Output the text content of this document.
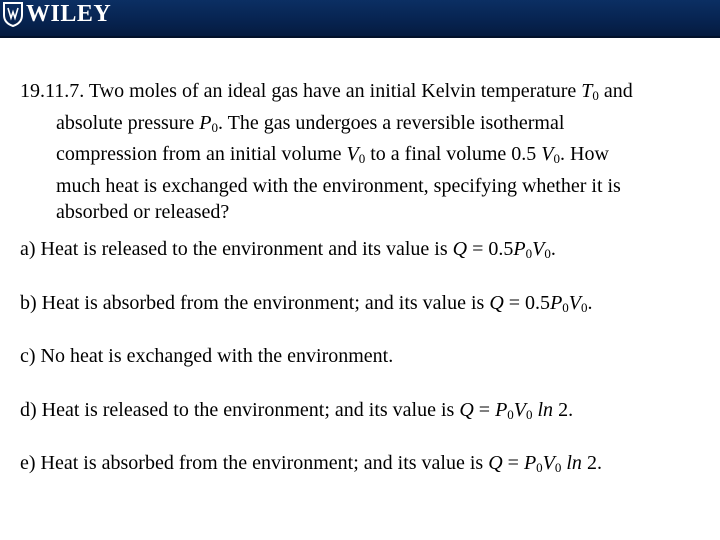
WILEY
19.11.7. Two moles of an ideal gas have an initial Kelvin temperature $T_0$ and
absolute pressure $P_0$. The gas undergoes a reversible isothermal
compression from an initial volume $V_0$ to a final volume 0.5 $V_0$. How
much heat is exchanged with the environment, specifying whether it is
absorbed or released?
a) Heat is released to the environment and its value is $Q = 0.5P_0V_0$.
b) Heat is absorbed from the environment; and its value is $Q = 0.5P_0V_0$.
c) No heat is exchanged with the environment.
d) Heat is released to the environment; and its value is $Q = P_0V_0$ ln 2.
e) Heat is absorbed from the environment; and its value is $Q = P_0V_0$ ln 2.
